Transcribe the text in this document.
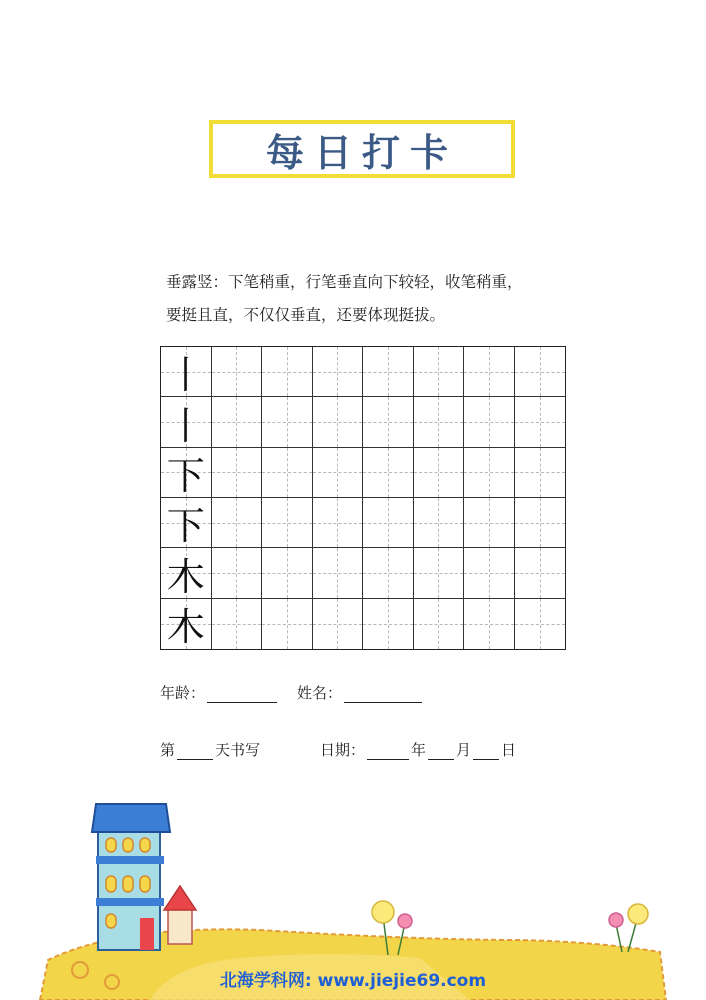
每日打卡
垂露竖：下笔稍重，行笔垂直向下较轻，收笔稍重，
要挺且直，不仅仅垂直，还要体现挺拔。
丨
丨
下
下
木
木
年龄：	姓名：
第	天书写	日期：	年 月 日
北海学科网: www.jiejie69.com
